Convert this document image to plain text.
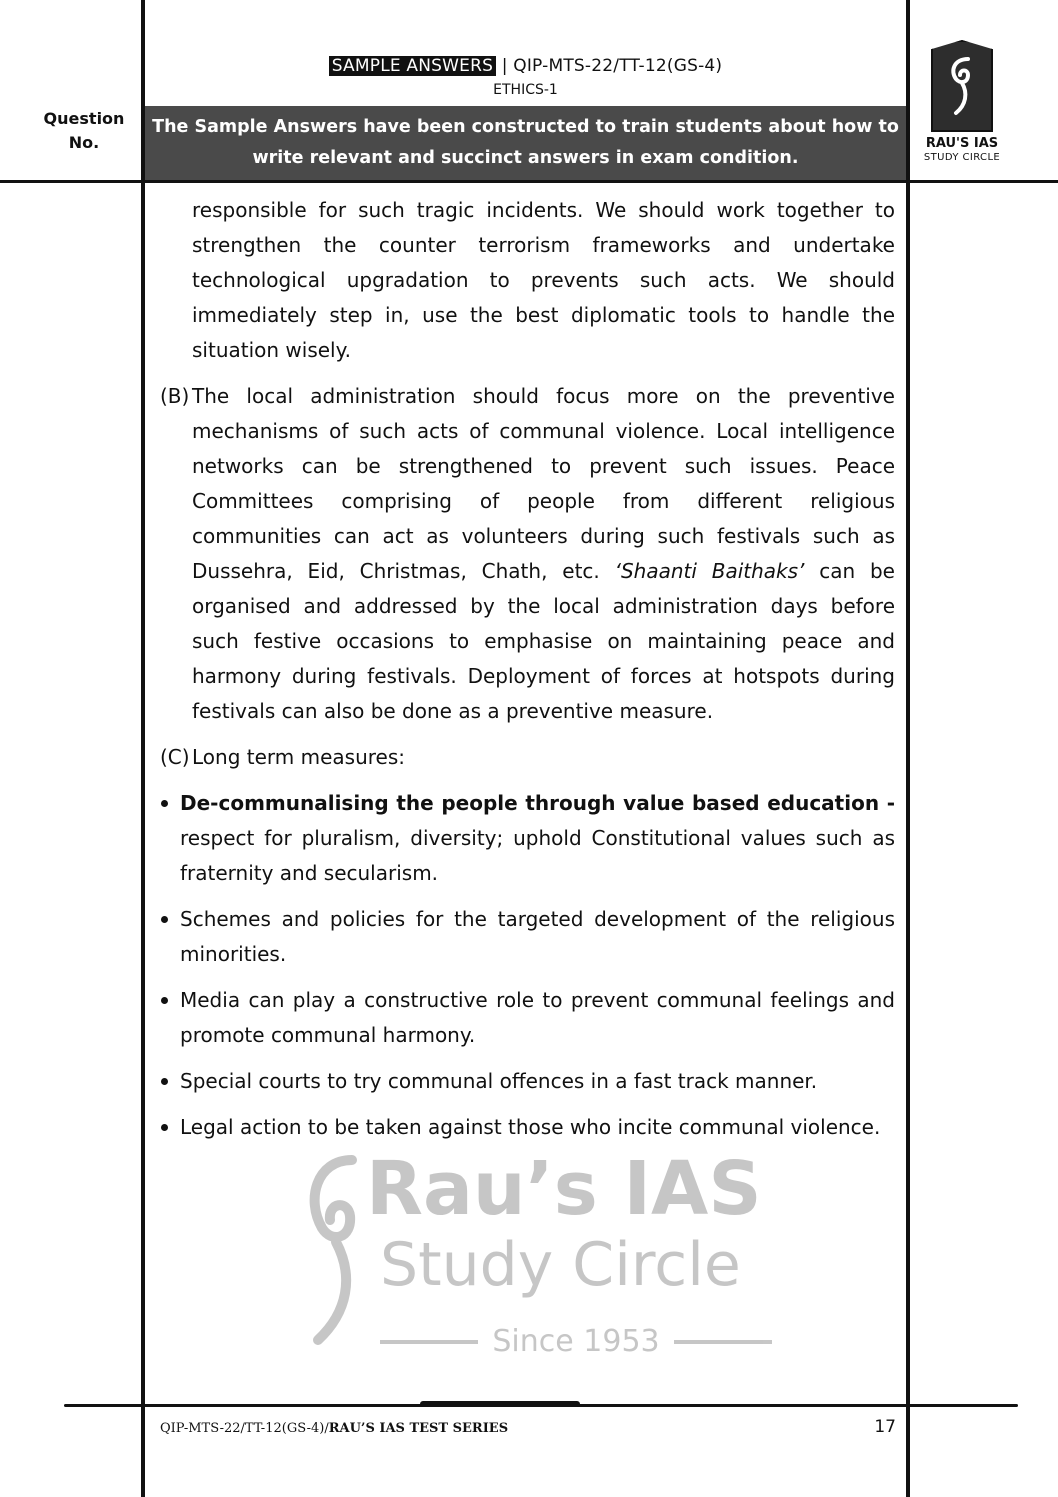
SAMPLE ANSWERS | QIP-MTS-22/TT-12(GS-4)
ETHICS-1
Question
No.
The Sample Answers have been constructed to train students about how to
write relevant and succinct answers in exam condition.
RAU'S IAS
STUDY CIRCLE

responsible for such tragic incidents. We should work together to strengthen the counter terrorism frameworks and undertake technological upgradation to prevents such acts. We should immediately step in, use the best diplomatic tools to handle the situation wisely.

(B) The local administration should focus more on the preventive mechanisms of such acts of communal violence. Local intelligence networks can be strengthened to prevent such issues. Peace Committees comprising of people from different religious communities can act as volunteers during such festivals such as Dussehra, Eid, Christmas, Chath, etc. ‘Shaanti Baithaks’ can be organised and addressed by the local administration days before such festive occasions to emphasise on maintaining peace and harmony during festivals. Deployment of forces at hotspots during festivals can also be done as a preventive measure.
(C) Long term measures:
De-communalising the people through value based education - respect for pluralism, diversity; uphold Constitutional values such as fraternity and secularism.
Schemes and policies for the targeted development of the religious minorities.
Media can play a constructive role to prevent communal feelings and promote communal harmony.
Special courts to try communal offences in a fast track manner.
Legal action to be taken against those who incite communal violence.
Rau’s IAS
Study Circle
Since 1953
QIP-MTS-22/TT-12(GS-4)/RAU’S IAS TEST SERIES	17
